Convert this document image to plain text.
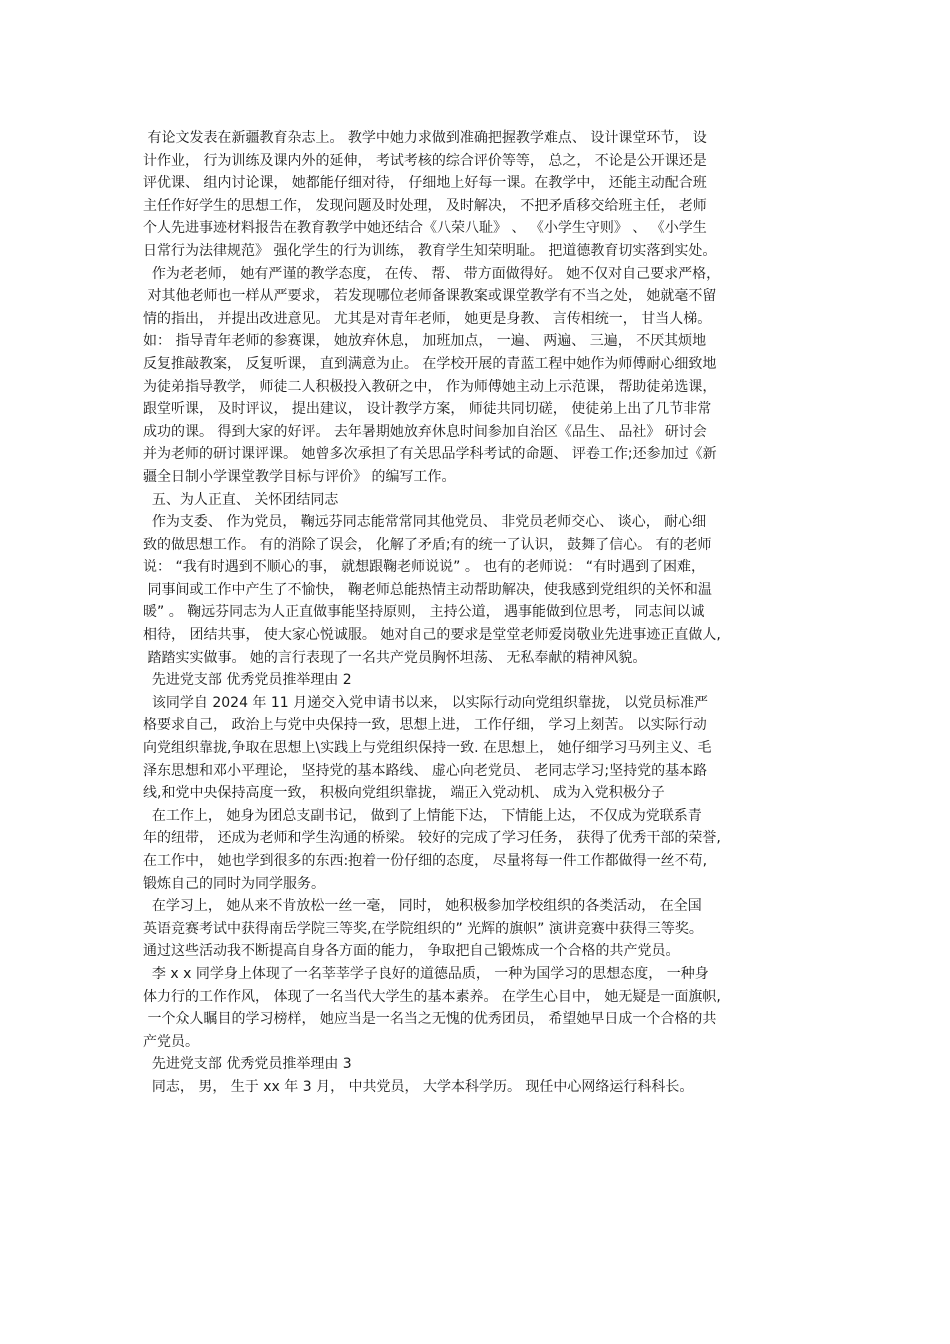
有论文发表在新疆教育杂志上。 教学中她力求做到准确把握教学难点、 设计课堂环节， 设
计作业， 行为训练及课内外的延伸， 考试考核的综合评价等等， 总之， 不论是公开课还是
评优课、 组内讨论课， 她都能仔细对待， 仔细地上好每一课。在教学中， 还能主动配合班
主任作好学生的思想工作， 发现问题及时处理， 及时解决， 不把矛盾移交给班主任， 老师
个人先进事迹材料报告在教育教学中她还结合《八荣八耻》 、 《小学生守则》 、 《小学生
日常行为法律规范》 强化学生的行为训练， 教育学生知荣明耻。 把道德教育切实落到实处。
作为老老师， 她有严谨的教学态度， 在传、 帮、 带方面做得好。 她不仅对自己要求严格，
对其他老师也一样从严要求， 若发现哪位老师备课教案或课堂教学有不当之处， 她就毫不留
情的指出， 并提出改进意见。 尤其是对青年老师， 她更是身教、 言传相统一， 甘当人梯。
如： 指导青年老师的参赛课， 她放弃休息， 加班加点， 一遍、 两遍、 三遍， 不厌其烦地
反复推敲教案， 反复听课， 直到满意为止。 在学校开展的青蓝工程中她作为师傅耐心细致地
为徒弟指导教学， 师徒二人积极投入教研之中， 作为师傅她主动上示范课， 帮助徒弟选课，
跟堂听课， 及时评议， 提出建议， 设计教学方案， 师徒共同切磋， 使徒弟上出了几节非常
成功的课。 得到大家的好评。 去年暑期她放弃休息时间参加自治区《品生、 品社》 研讨会
并为老师的研讨课评课。 她曾多次承担了有关思品学科考试的命题、 评卷工作;还参加过《新
疆全日制小学课堂教学目标与评价》 的编写工作。
五、为人正直、 关怀团结同志
作为支委、 作为党员， 鞠远芬同志能常常同其他党员、 非党员老师交心、 谈心， 耐心细
致的做思想工作。 有的消除了误会， 化解了矛盾;有的统一了认识， 鼓舞了信心。 有的老师
说： “我有时遇到不顺心的事， 就想跟鞠老师说说” 。 也有的老师说： “有时遇到了困难，
同事间或工作中产生了不愉快， 鞠老师总能热情主动帮助解决，使我感到党组织的关怀和温
暖” 。 鞠远芬同志为人正直做事能坚持原则， 主持公道， 遇事能做到位思考， 同志间以诚
相待， 团结共事， 使大家心悦诚服。 她对自己的要求是堂堂老师爱岗敬业先进事迹正直做人,
踏踏实实做事。 她的言行表现了一名共产党员胸怀坦荡、 无私奉献的精神风貌。
先进党支部 优秀党员推举理由 2
该同学自 2024 年 11 月递交入党申请书以来， 以实际行动向党组织靠拢， 以党员标准严
格要求自己， 政治上与党中央保持一致，思想上进， 工作仔细， 学习上刻苦。 以实际行动
向党组织靠拢,争取在思想上\实践上与党组织保持一致. 在思想上， 她仔细学习马列主义、毛
泽东思想和邓小平理论， 坚持党的基本路线、 虚心向老党员、 老同志学习;坚持党的基本路
线,和党中央保持高度一致， 积极向党组织靠拢， 端正入党动机、 成为入党积极分子
在工作上， 她身为团总支副书记， 做到了上情能下达， 下情能上达， 不仅成为党联系青
年的纽带， 还成为老师和学生沟通的桥梁。 较好的完成了学习任务， 获得了优秀干部的荣誉,
在工作中， 她也学到很多的东西:抱着一份仔细的态度， 尽量将每一件工作都做得一丝不苟,
锻炼自己的同时为同学服务。
在学习上， 她从来不肯放松一丝一毫， 同时， 她积极参加学校组织的各类活动， 在全国
英语竞赛考试中获得南岳学院三等奖,在学院组织的” 光辉的旗帜” 演讲竞赛中获得三等奖。
通过这些活动我不断提高自身各方面的能力， 争取把自己锻炼成一个合格的共产党员。
李 x x 同学身上体现了一名莘莘学子良好的道德品质， 一种为国学习的思想态度， 一种身
体力行的工作作风， 体现了一名当代大学生的基本素养。 在学生心目中， 她无疑是一面旗帜,
一个众人瞩目的学习榜样， 她应当是一名当之无愧的优秀团员， 希望她早日成一个合格的共
产党员。
先进党支部 优秀党员推举理由 3
同志， 男， 生于 xx 年 3 月， 中共党员， 大学本科学历。 现任中心网络运行科科长。
